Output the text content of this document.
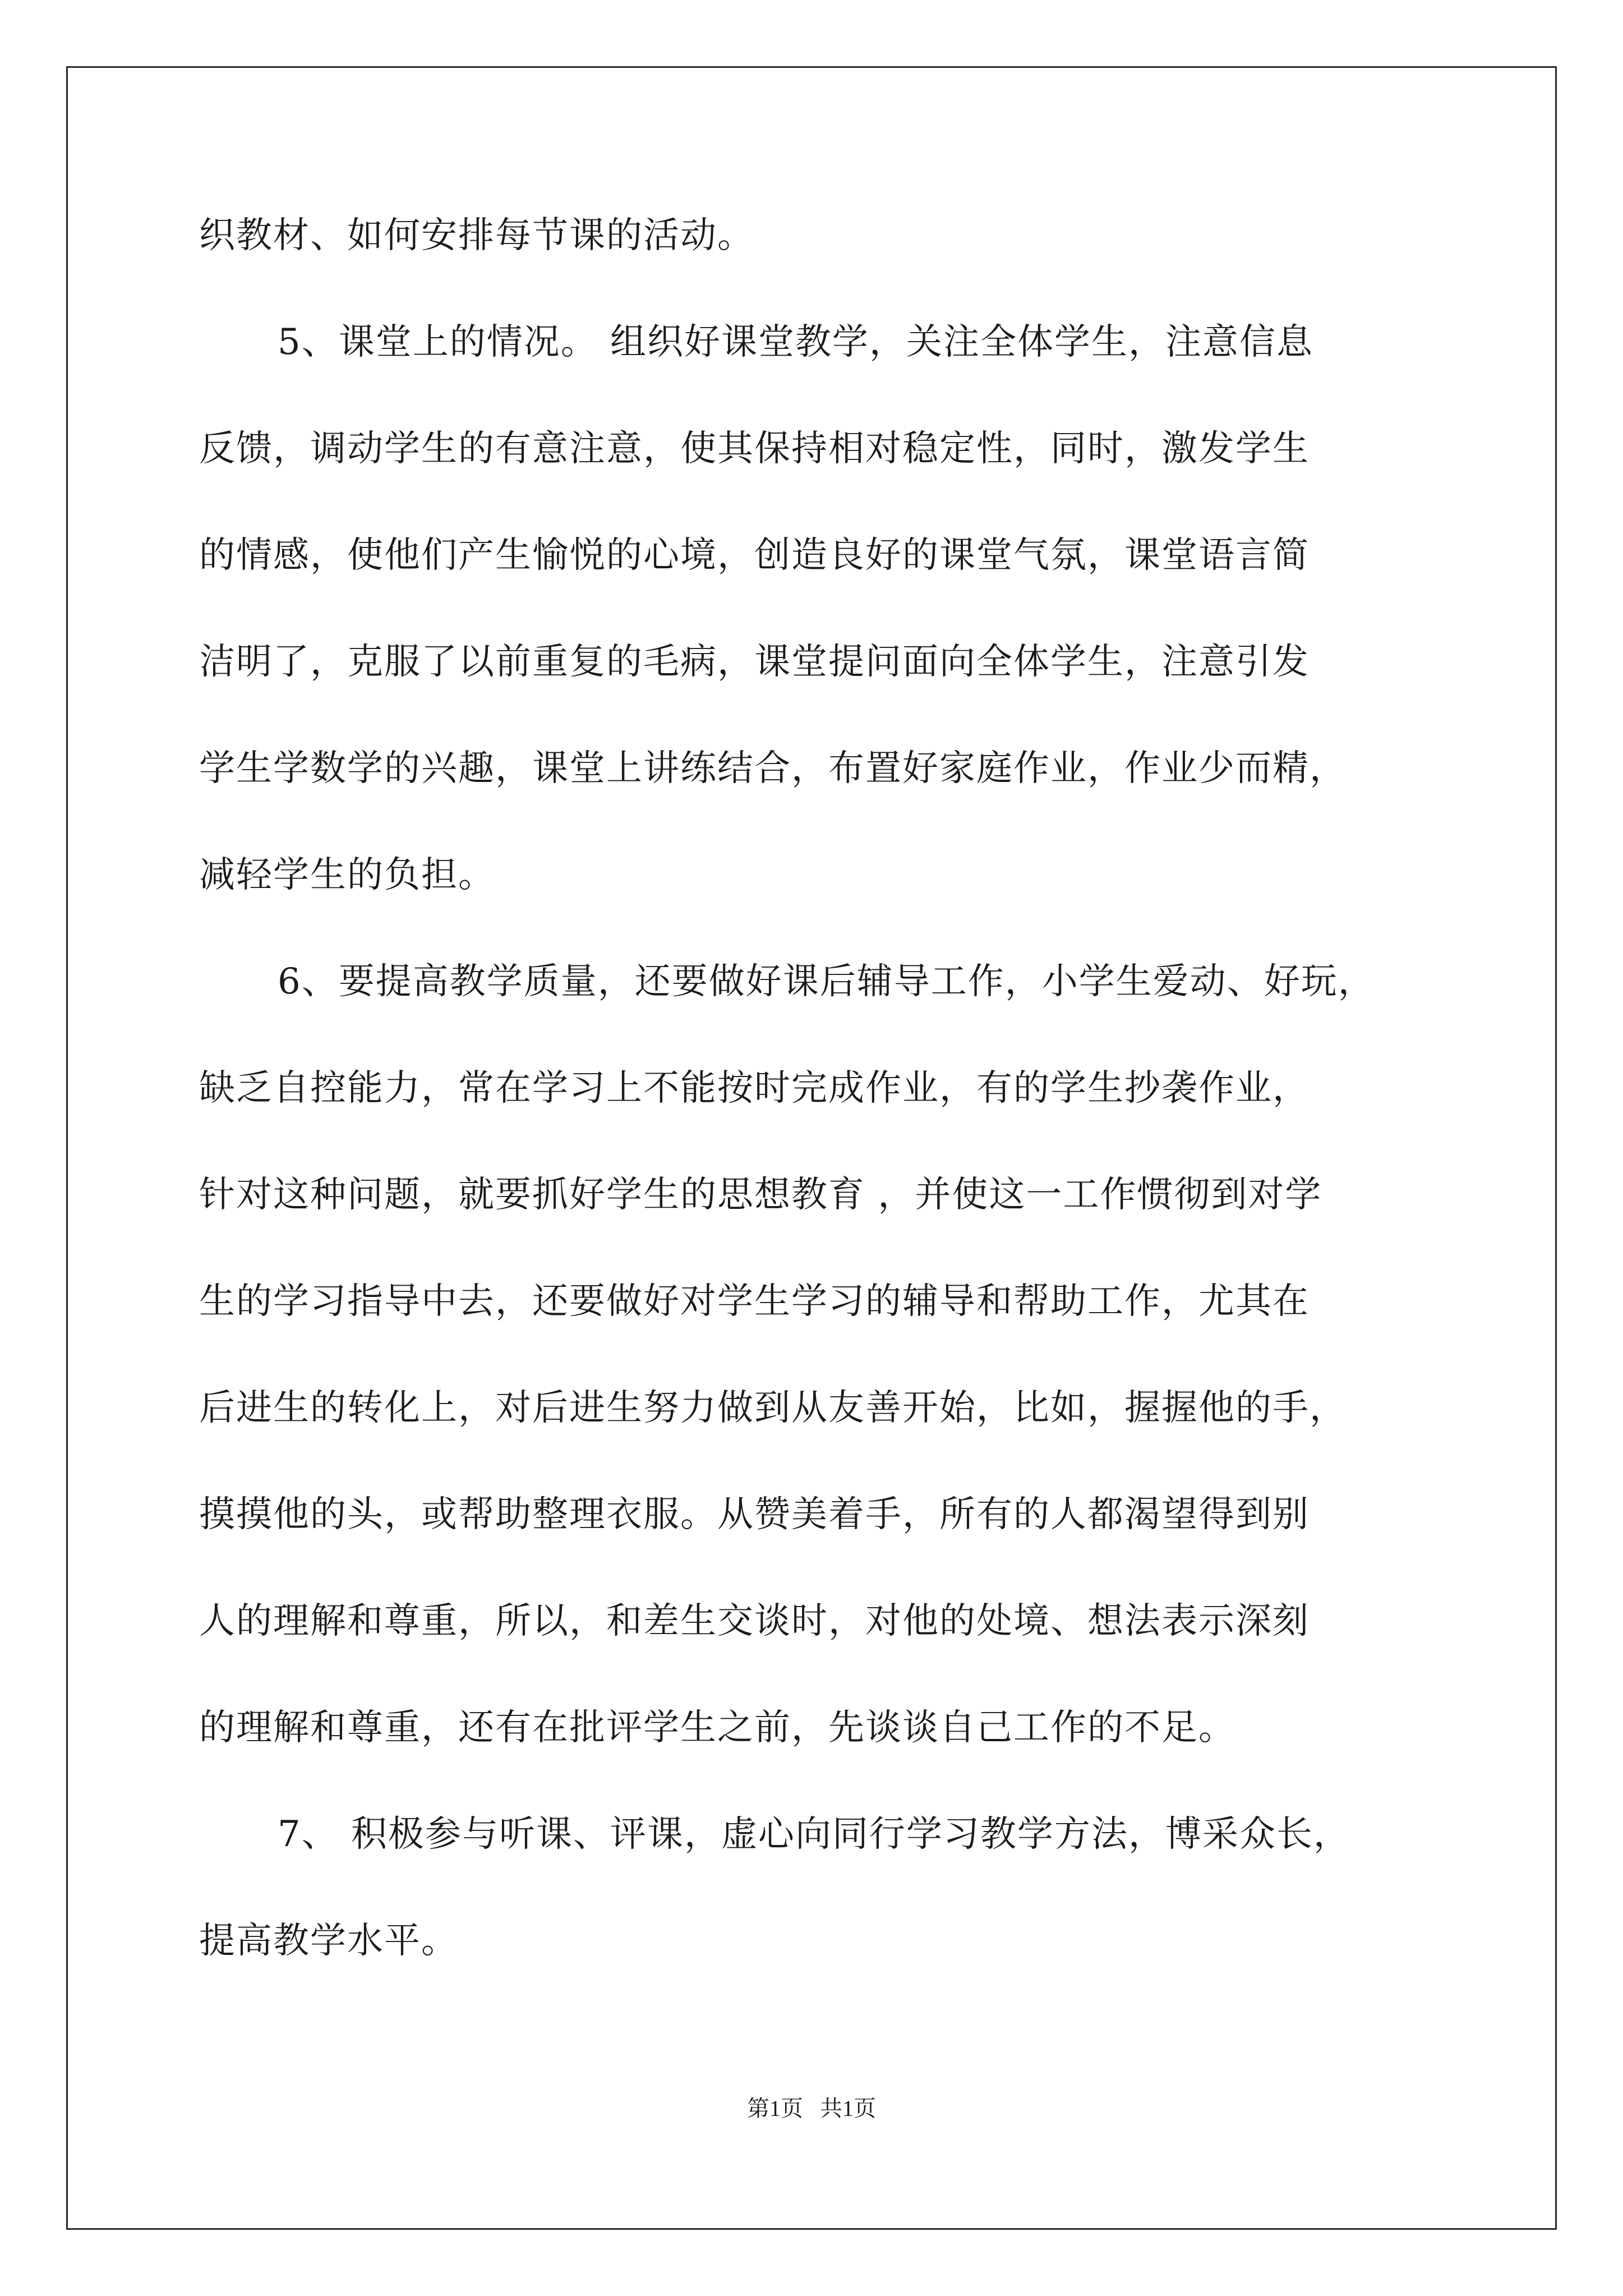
织教材、如何安排每节课的活动。
5、课堂上的情况。 组织好课堂教学，关注全体学生，注意信息
反馈，调动学生的有意注意，使其保持相对稳定性，同时，激发学生
的情感，使他们产生愉悦的心境，创造良好的课堂气氛，课堂语言简
洁明了，克服了以前重复的毛病，课堂提问面向全体学生，注意引发
学生学数学的兴趣，课堂上讲练结合，布置好家庭作业，作业少而精，
减轻学生的负担。
6、要提高教学质量，还要做好课后辅导工作，小学生爱动、好玩，
缺乏自控能力，常在学习上不能按时完成作业，有的学生抄袭作业，
针对这种问题，就要抓好学生的思想教育 ，并使这一工作惯彻到对学
生的学习指导中去，还要做好对学生学习的辅导和帮助工作，尤其在
后进生的转化上，对后进生努力做到从友善开始，比如，握握他的手，
摸摸他的头，或帮助整理衣服。从赞美着手，所有的人都渴望得到别
人的理解和尊重，所以，和差生交谈时，对他的处境、想法表示深刻
的理解和尊重，还有在批评学生之前，先谈谈自己工作的不足。
7、 积极参与听课、评课，虚心向同行学习教学方法，博采众长，
提高教学水平。
第1页   共1页
